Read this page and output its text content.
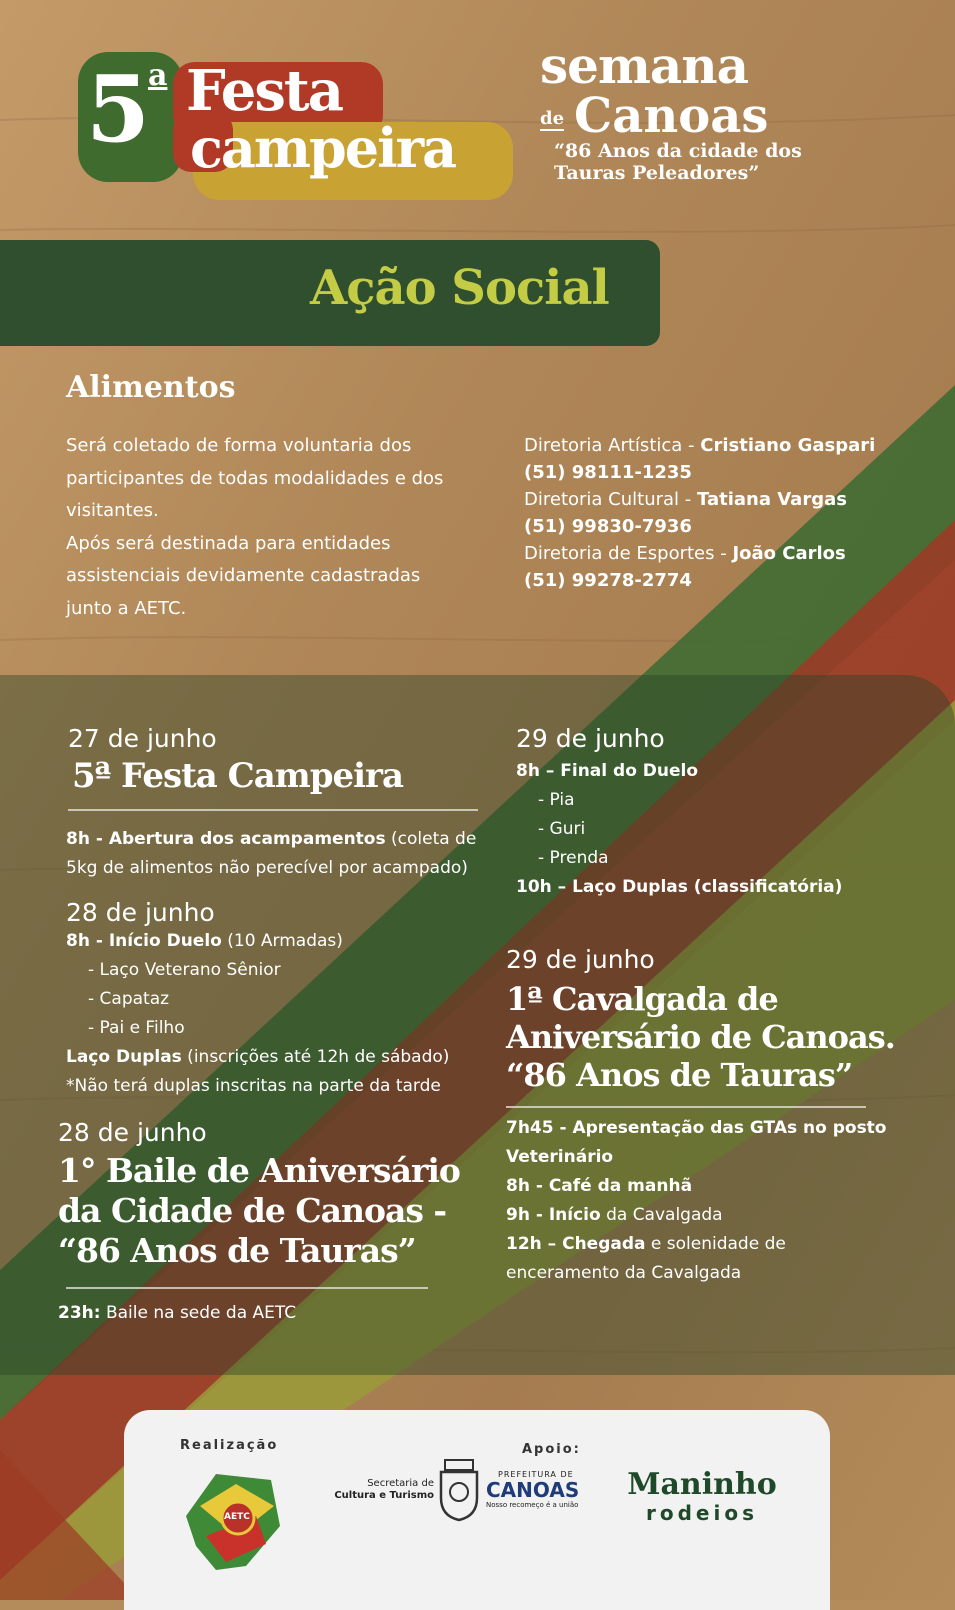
5
a Festa
campeira
semana
de Canoas
“86 Anos da cidade dos
Tauras Peleadores”
Ação Social
Alimentos
Será coletado de forma voluntaria dos
participantes de todas modalidades e dos
visitantes.
Após será destinada para entidades
assistenciais devidamente cadastradas
junto a AETC.
Diretoria Artística - Cristiano Gaspari
(51) 98111-1235
Diretoria Cultural - Tatiana Vargas
(51) 99830-7936
Diretoria de Esportes - João Carlos
(51) 99278-2774
27 de junho
5ª Festa Campeira
8h - Abertura dos acampamentos (coleta de
5kg de alimentos não perecível por acampado)
28 de junho
8h - Início Duelo (10 Armadas)
- Laço Veterano Sênior
- Capataz
- Pai e Filho
Laço Duplas (inscrições até 12h de sábado)
*Não terá duplas inscritas na parte da tarde
28 de junho
1° Baile de Aniversário
da Cidade de Canoas -
“86 Anos de Tauras”
23h: Baile na sede da AETC
29 de junho
8h – Final do Duelo
- Pia
- Guri
- Prenda
10h – Laço Duplas (classificatória)
29 de junho
1ª Cavalgada de
Aniversário de Canoas.
“86 Anos de Tauras”
7h45 - Apresentação das GTAs no posto
Veterinário
8h - Café da manhã
9h - Início da Cavalgada
12h – Chegada e solenidade de
enceramento da Cavalgada
Realização	Apoio:
AETC
Secretaria de
Cultura e Turismo
PREFEITURA DE
CANOAS
Nosso recomeço é a união
Maninho
rodeios
